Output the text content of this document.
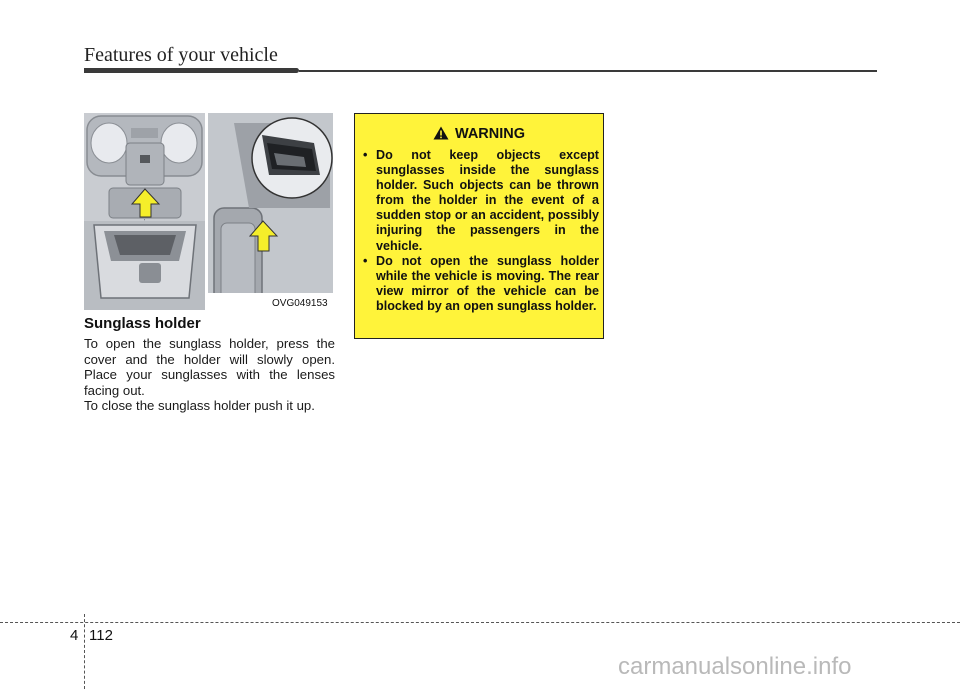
Features of your vehicle
OVG049153
Sunglass holder

To open the sunglass holder, press the cover and the holder will slowly open. Place your sunglasses with the lenses facing out.

To close the sunglass holder push it up.

WARNING
• Do not keep objects except sunglasses inside the sunglass holder. Such objects can be thrown from the holder in the event of a sudden stop or an accident, possibly injuring the passengers in the vehicle.
• Do not open the sunglass holder while the vehicle is moving. The rear view mirror of the vehicle can be blocked by an open sunglass holder.
4 112
carmanualsonline.info
